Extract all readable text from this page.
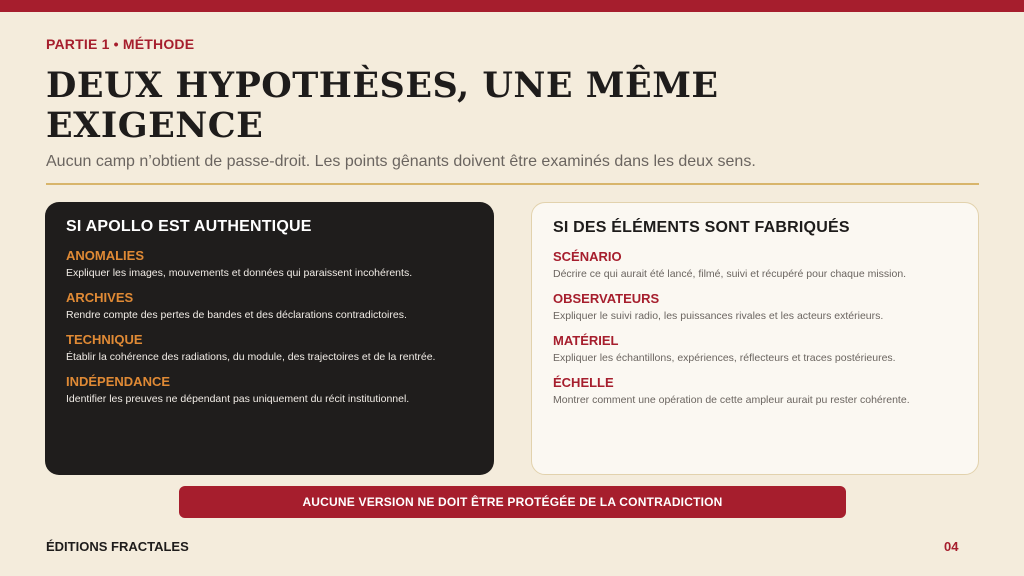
PARTIE 1 • MÉTHODE
DEUX HYPOTHÈSES, UNE MÊME EXIGENCE

Aucun camp n’obtient de passe-droit. Les points gênants doivent être examinés dans les deux sens.

SI APOLLO EST AUTHENTIQUE
ANOMALIES
Expliquer les images, mouvements et données qui paraissent incohérents.
ARCHIVES
Rendre compte des pertes de bandes et des déclarations contradictoires.
TECHNIQUE
Établir la cohérence des radiations, du module, des trajectoires et de la rentrée.
INDÉPENDANCE
Identifier les preuves ne dépendant pas uniquement du récit institutionnel.
SI DES ÉLÉMENTS SONT FABRIQUÉS
SCÉNARIO
Décrire ce qui aurait été lancé, filmé, suivi et récupéré pour chaque mission.
OBSERVATEURS
Expliquer le suivi radio, les puissances rivales et les acteurs extérieurs.
MATÉRIEL
Expliquer les échantillons, expériences, réflecteurs et traces postérieures.
ÉCHELLE
Montrer comment une opération de cette ampleur aurait pu rester cohérente.
AUCUNE VERSION NE DOIT ÊTRE PROTÉGÉE DE LA CONTRADICTION
ÉDITIONS FRACTALES	04
